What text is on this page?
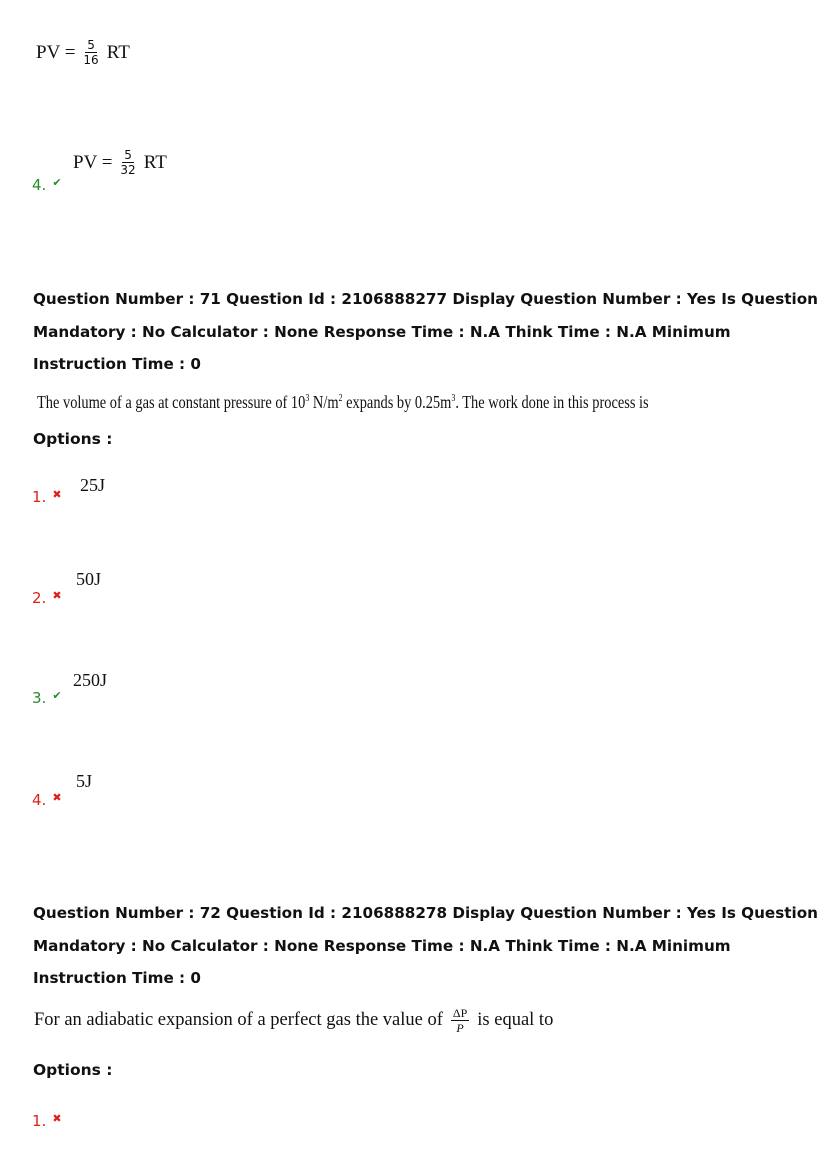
PV = $\frac{5}{16}$ RT
4. ✔
PV = $\frac{5}{32}$ RT
Question Number : 71 Question Id : 2106888277 Display Question Number : Yes Is Question Mandatory : No Calculator : None Response Time : N.A Think Time : N.A Minimum Instruction Time : 0
The volume of a gas at constant pressure of $10^3$ $N/m^2$ expands by $0.25m^3$. The work done in this process is
Options :
1. ✖ 25J
2. ✖
50J
3. ✔
250J
4. ✖
5J
Question Number : 72 Question Id : 2106888278 Display Question Number : Yes Is Question Mandatory : No Calculator : None Response Time : N.A Think Time : N.A Minimum Instruction Time : 0
For an adiabatic expansion of a perfect gas the value of $\frac{\Delta P}{P}$ is equal to
Options :
1. ✖
